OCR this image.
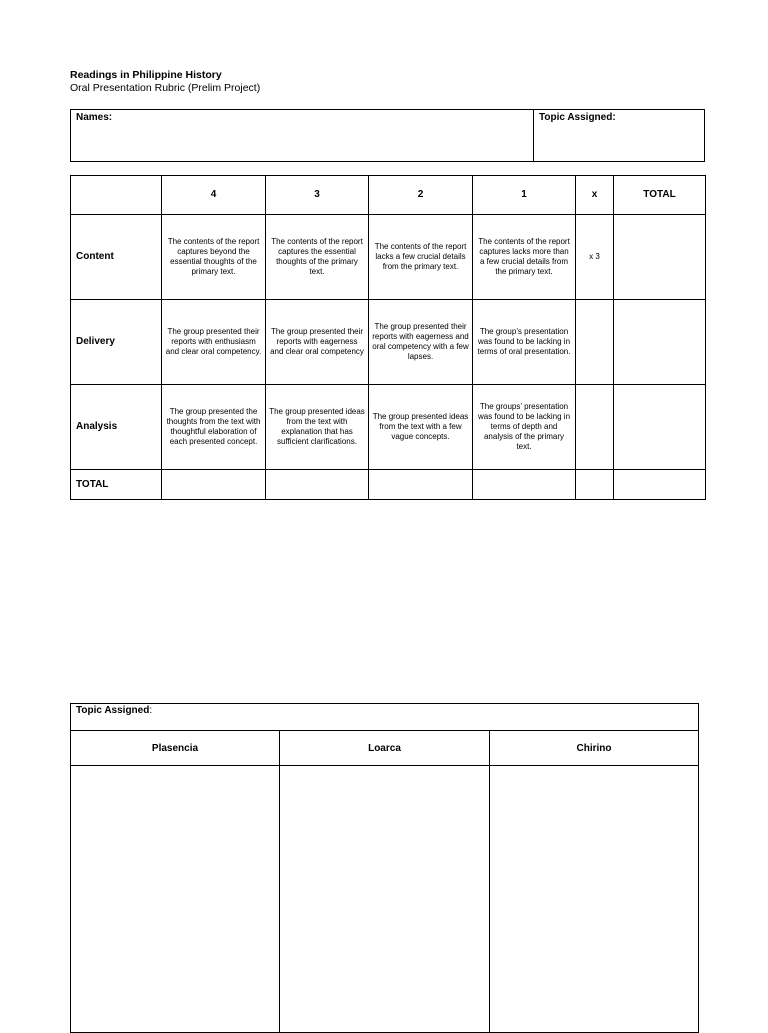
Readings in Philippine History
Oral Presentation Rubric (Prelim Project)
Names:	Topic Assigned:
	4	3	2	1	x	TOTAL
Content	The contents of the report captures beyond the essential thoughts of the primary text.	The contents of the report captures the essential thoughts of the primary text.	The contents of the report lacks a few crucial details from the primary text.	The contents of the report captures lacks more than a few crucial details from the primary text.	x 3	
Delivery	The group presented their reports with enthusiasm and clear oral competency.	The group presented their reports with eagerness and clear oral competency	The group presented their reports with eagerness and oral competency with a few lapses.	The group’s presentation was found to be lacking in terms of oral presentation.		
Analysis	The group presented the thoughts from the text with thoughtful elaboration of each presented concept.	The group presented ideas from the text with explanation that has sufficient clarifications.	The group presented ideas from the text with a few vague concepts.	The groups’ presentation was found to be lacking in terms of depth and analysis of the primary text.		
TOTAL						
Topic Assigned:
Plasencia	Loarca	Chirino
